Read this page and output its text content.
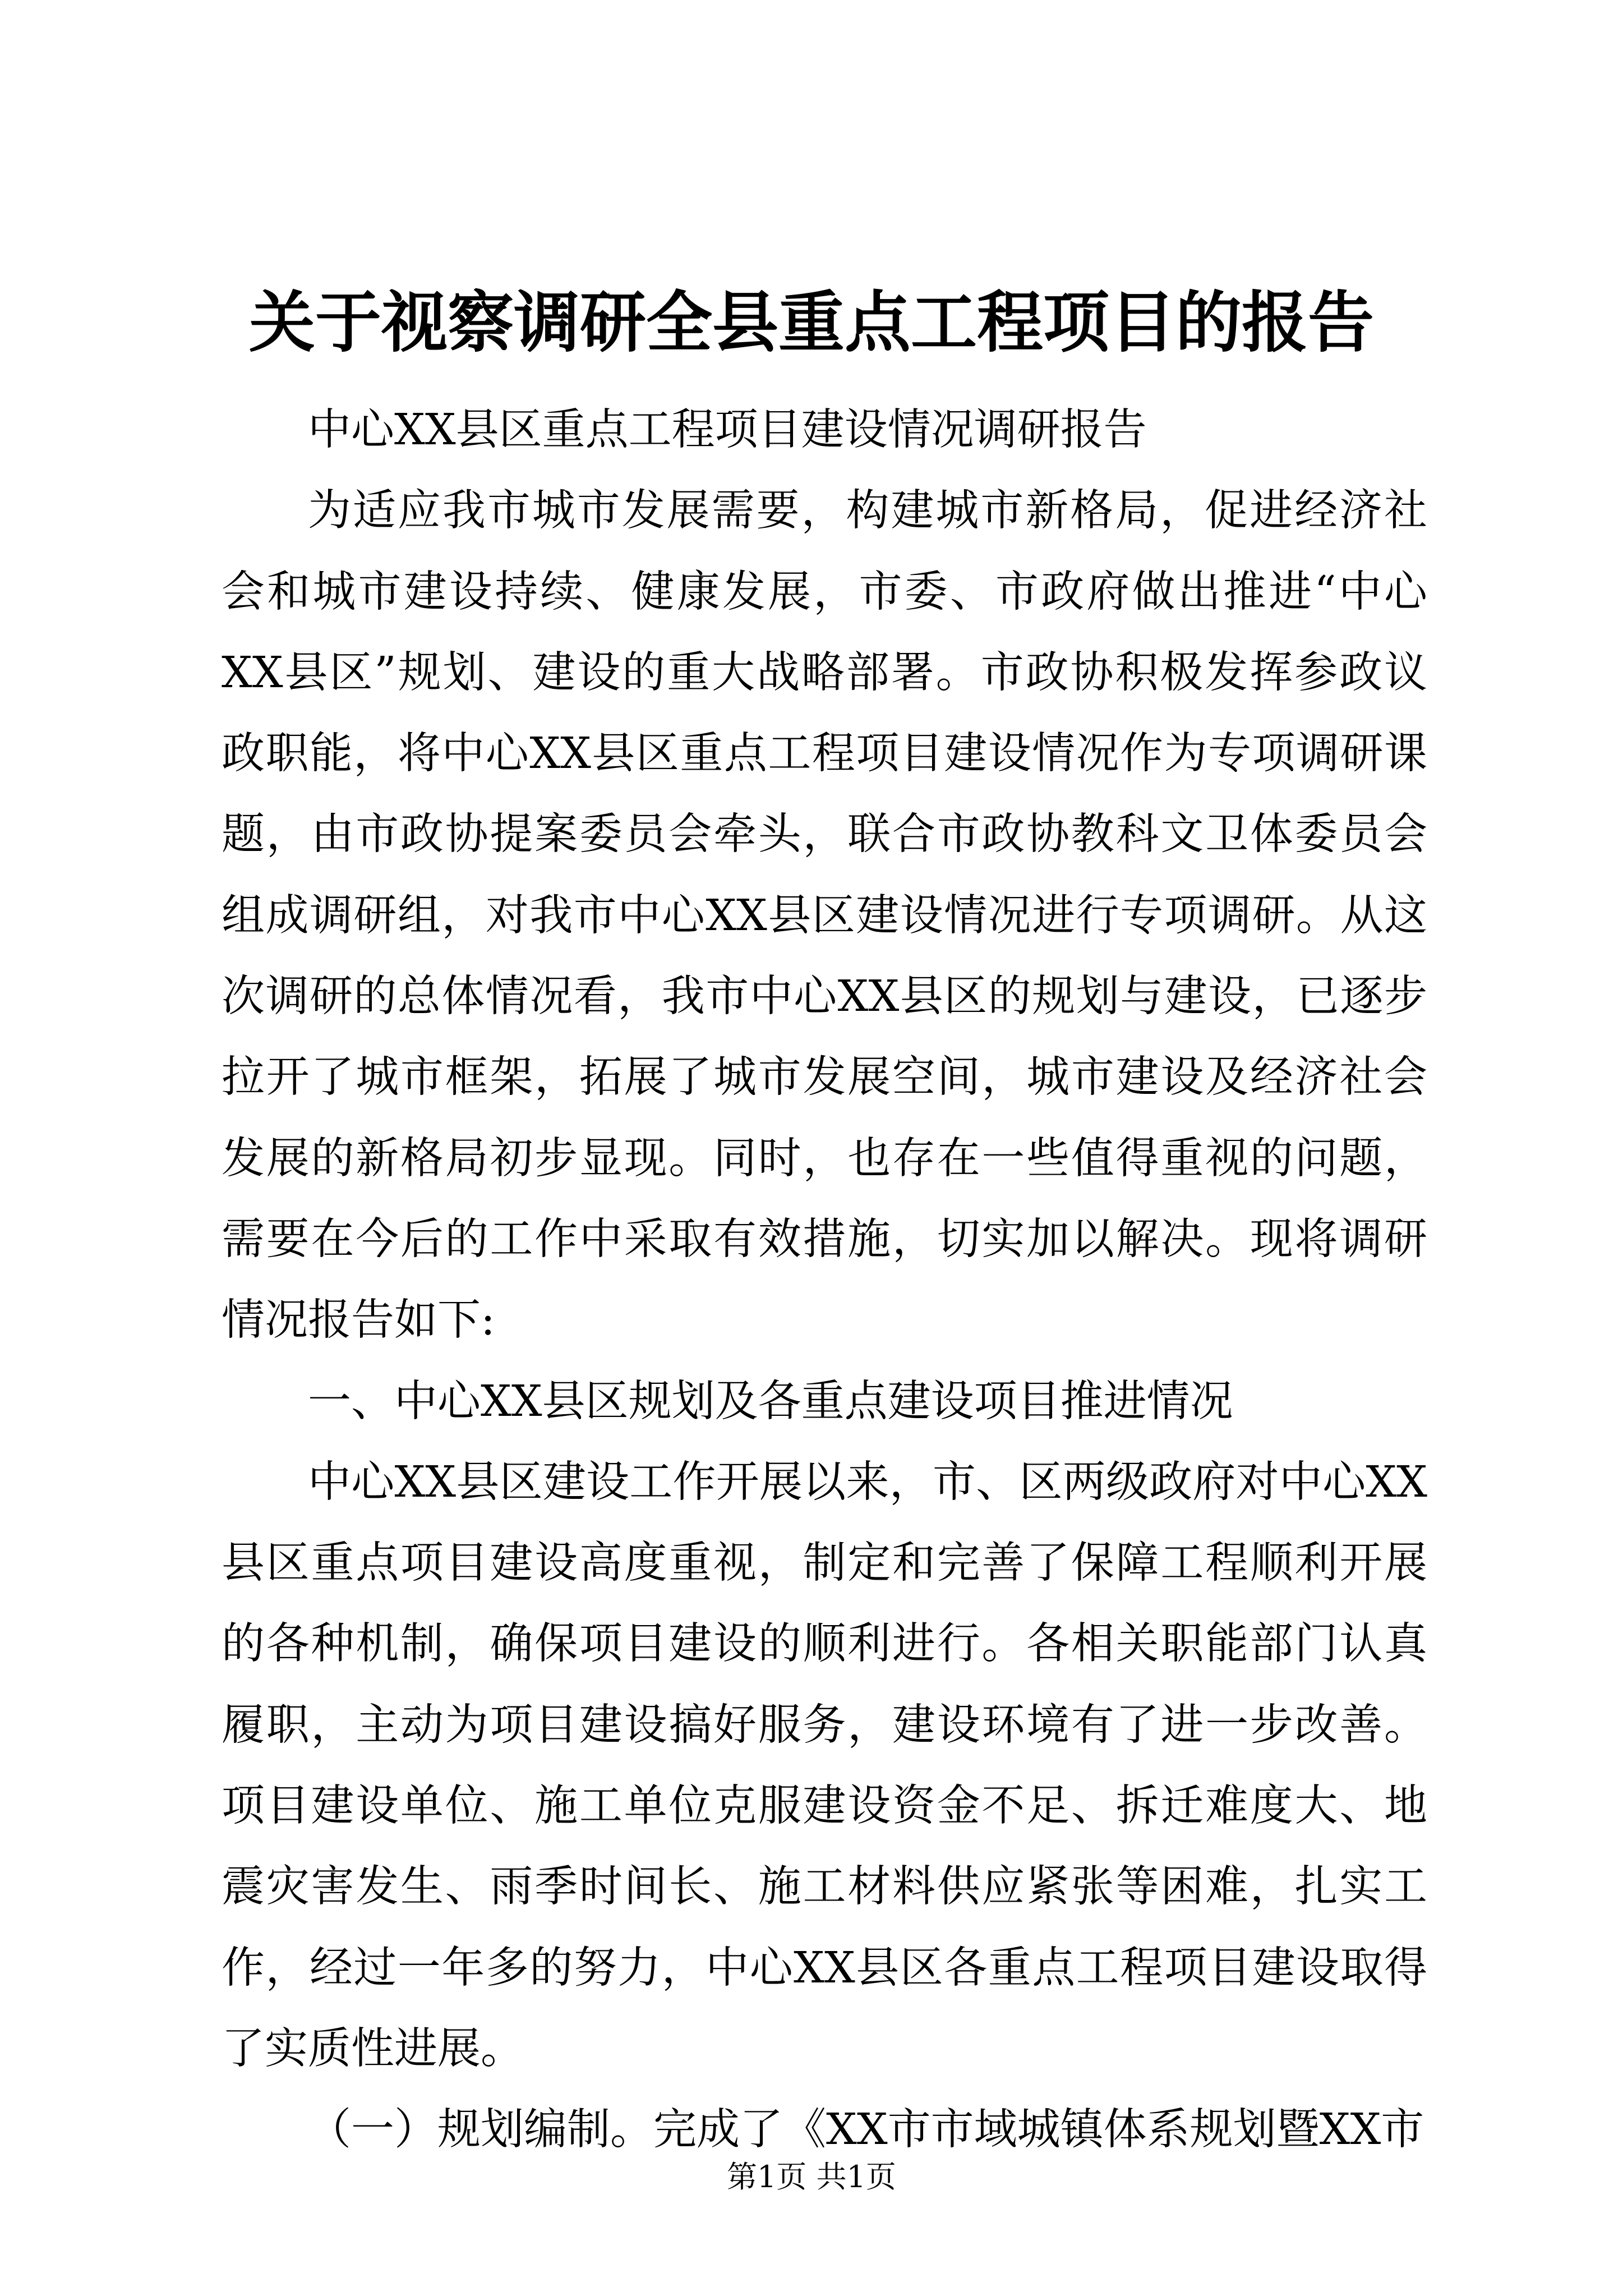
关于视察调研全县重点工程项目的报告

中心XX县区重点工程项目建设情况调研报告

为适应我市城市发展需要，构建城市新格局，促进经济社会和城市建设持续、健康发展，市委、市政府做出推进“中心XX县区”规划、建设的重大战略部署。市政协积极发挥参政议政职能，将中心XX县区重点工程项目建设情况作为专项调研课题，由市政协提案委员会牵头，联合市政协教科文卫体委员会组成调研组，对我市中心XX县区建设情况进行专项调研。从这次调研的总体情况看，我市中心XX县区的规划与建设，已逐步拉开了城市框架，拓展了城市发展空间，城市建设及经济社会发展的新格局初步显现。同时，也存在一些值得重视的问题，需要在今后的工作中采取有效措施，切实加以解决。现将调研情况报告如下:

一、中心XX县区规划及各重点建设项目推进情况

中心XX县区建设工作开展以来，市、区两级政府对中心XX县区重点项目建设高度重视，制定和完善了保障工程顺利开展的各种机制，确保项目建设的顺利进行。各相关职能部门认真履职，主动为项目建设搞好服务，建设环境有了进一步改善。项目建设单位、施工单位克服建设资金不足、拆迁难度大、地震灾害发生、雨季时间长、施工材料供应紧张等困难，扎实工作，经过一年多的努力，中心XX县区各重点工程项目建设取得了实质性进展。

（一）规划编制。完成了《XX市市域城镇体系规划暨XX市

第1页 共1页
